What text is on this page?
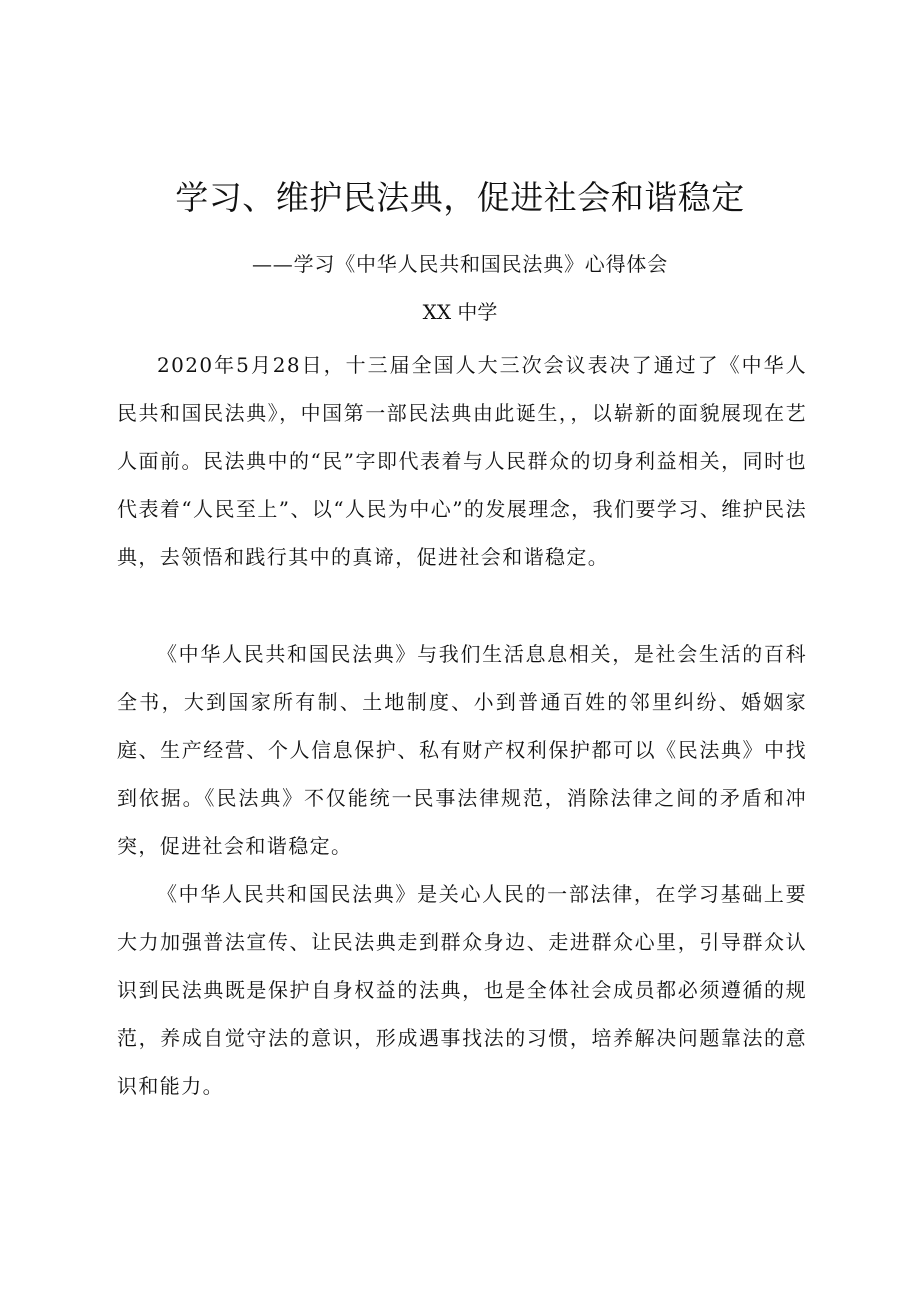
学习、维护民法典，促进社会和谐稳定

——学习《中华人民共和国民法典》心得体会

XX 中学

2020年5月28日，十三届全国人大三次会议表决了通过了《中华人民共和国民法典》，中国第一部民法典由此诞生，，以崭新的面貌展现在艺人面前。民法典中的“民”字即代表着与人民群众的切身利益相关，同时也代表着“人民至上”、以“人民为中心”的发展理念，我们要学习、维护民法典，去领悟和践行其中的真谛，促进社会和谐稳定。

《中华人民共和国民法典》与我们生活息息相关，是社会生活的百科全书，大到国家所有制、土地制度、小到普通百姓的邻里纠纷、婚姻家庭、生产经营、个人信息保护、私有财产权利保护都可以《民法典》中找到依据。《民法典》不仅能统一民事法律规范，消除法律之间的矛盾和冲突，促进社会和谐稳定。

《中华人民共和国民法典》是关心人民的一部法律，在学习基础上要大力加强普法宣传、让民法典走到群众身边、走进群众心里，引导群众认识到民法典既是保护自身权益的法典，也是全体社会成员都必须遵循的规范，养成自觉守法的意识，形成遇事找法的习惯，培养解决问题靠法的意识和能力。
